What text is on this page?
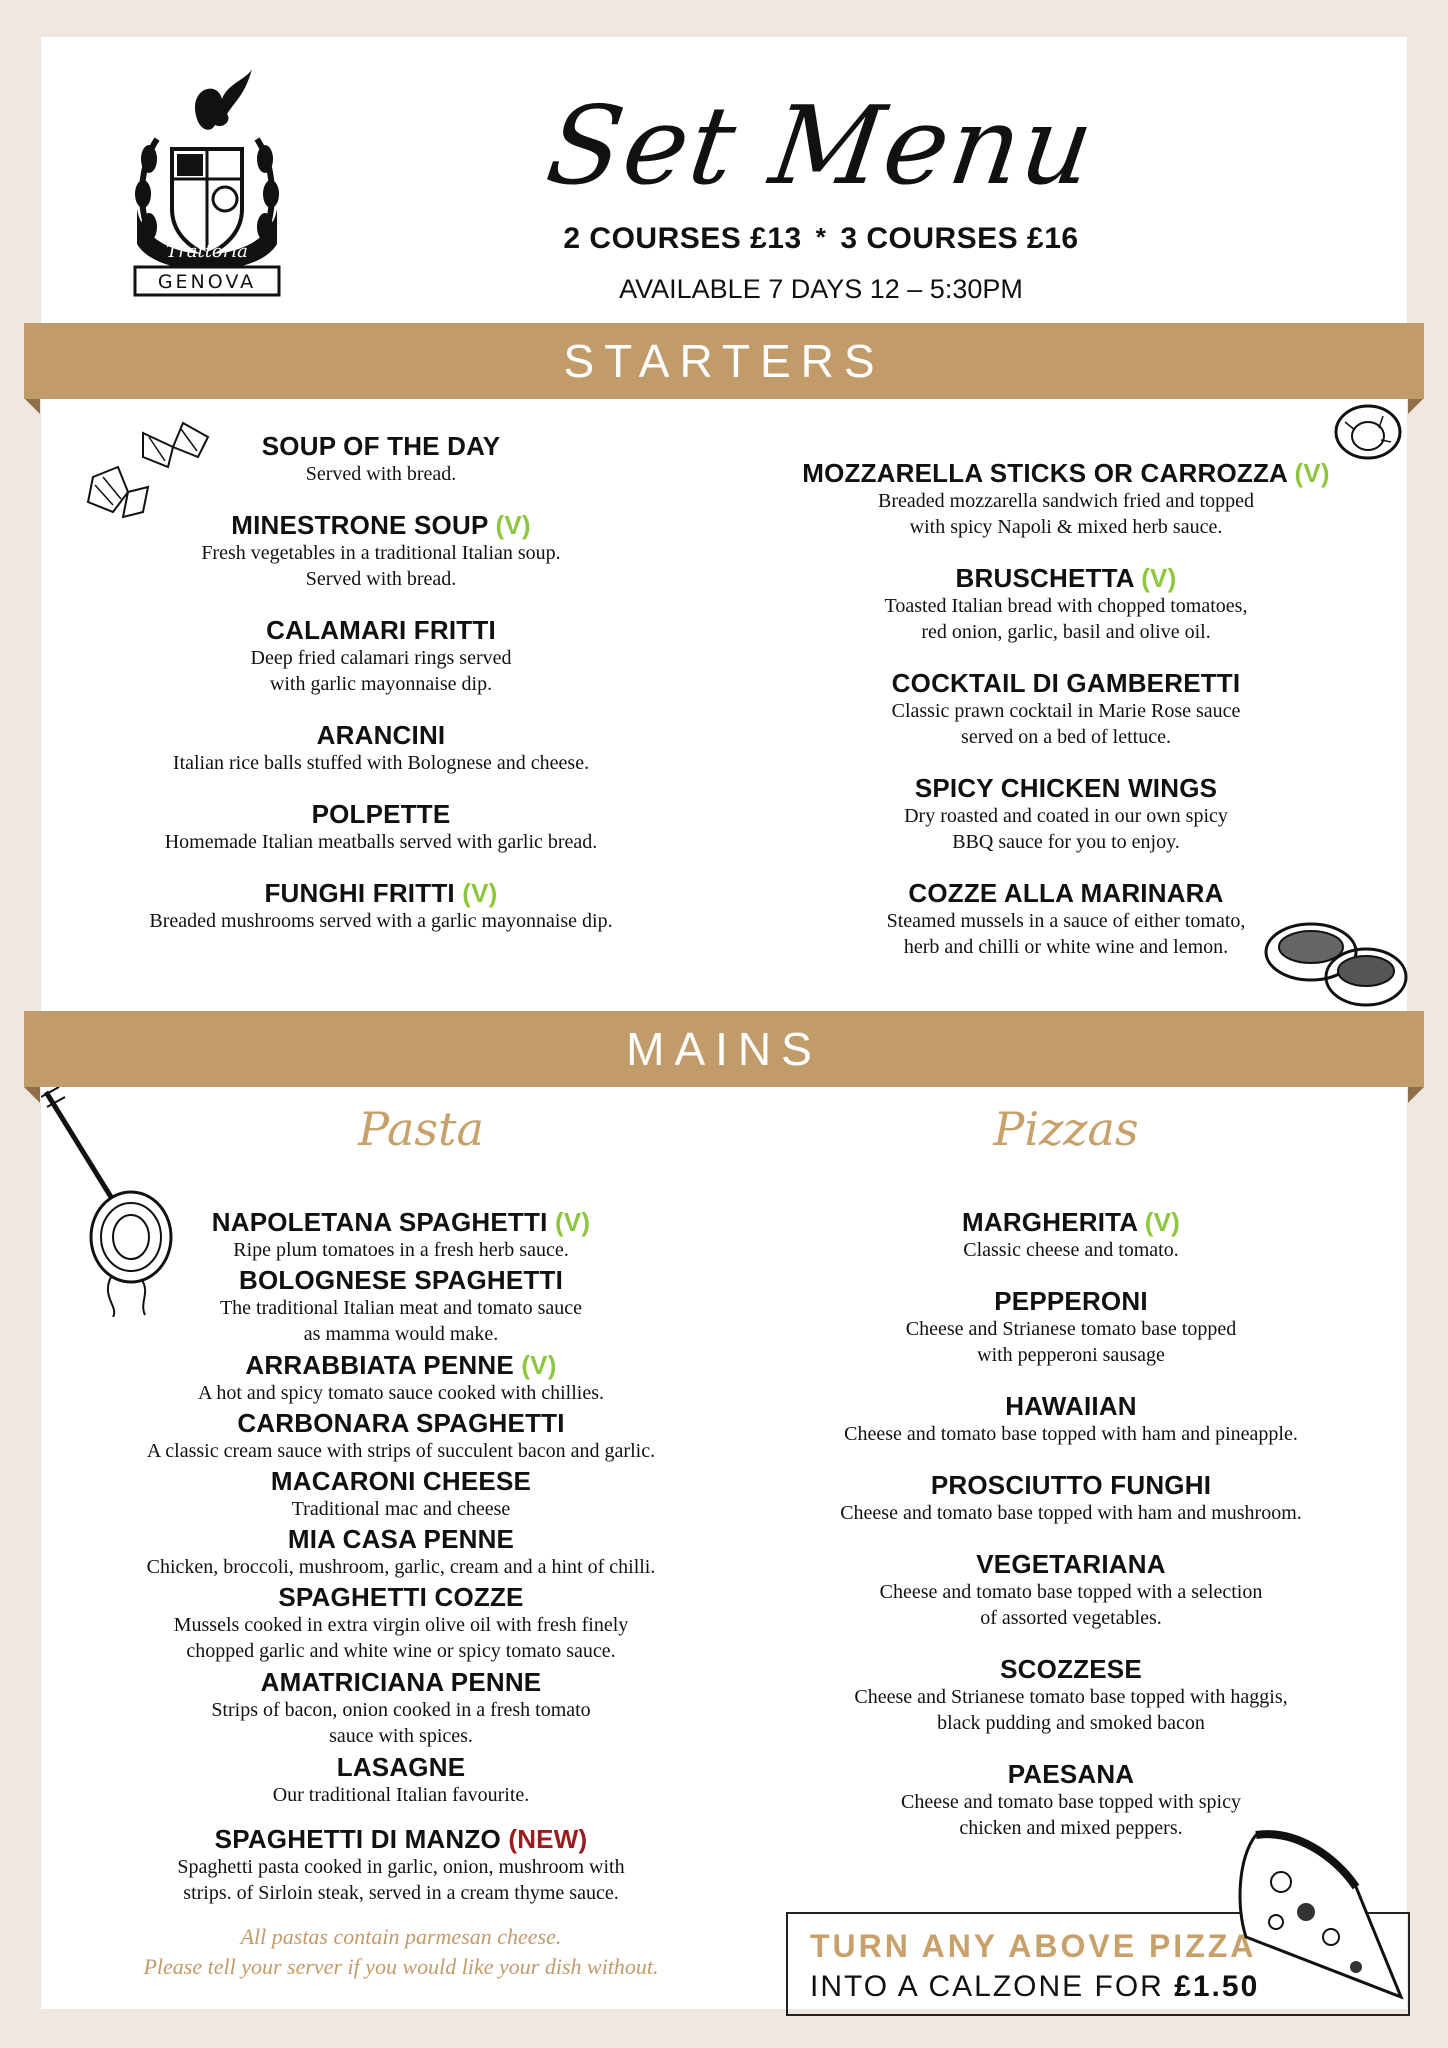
Trattoria
GENOVA
Set Menu
2 COURSES £13 * 3 COURSES £16
AVAILABLE 7 DAYS 12 – 5:30PM
STARTERS
SOUP OF THE DAY
Served with bread.
MINESTRONE SOUP (V)
Fresh vegetables in a traditional Italian soup.
Served with bread.
CALAMARI FRITTI
Deep fried calamari rings served
with garlic mayonnaise dip.
ARANCINI
Italian rice balls stuffed with Bolognese and cheese.
POLPETTE
Homemade Italian meatballs served with garlic bread.
FUNGHI FRITTI (V)
Breaded mushrooms served with a garlic mayonnaise dip.
MOZZARELLA STICKS OR CARROZZA (V)
Breaded mozzarella sandwich fried and topped
with spicy Napoli & mixed herb sauce.
BRUSCHETTA (V)
Toasted Italian bread with chopped tomatoes,
red onion, garlic, basil and olive oil.
COCKTAIL DI GAMBERETTI
Classic prawn cocktail in Marie Rose sauce
served on a bed of lettuce.
SPICY CHICKEN WINGS
Dry roasted and coated in our own spicy
BBQ sauce for you to enjoy.
COZZE ALLA MARINARA
Steamed mussels in a sauce of either tomato,
herb and chilli or white wine and lemon.
MAINS
Pasta	Pizzas
NAPOLETANA SPAGHETTI (V)
Ripe plum tomatoes in a fresh herb sauce.
BOLOGNESE SPAGHETTI
The traditional Italian meat and tomato sauce
as mamma would make.
ARRABBIATA PENNE (V)
A hot and spicy tomato sauce cooked with chillies.
CARBONARA SPAGHETTI
A classic cream sauce with strips of succulent bacon and garlic.
MACARONI CHEESE
Traditional mac and cheese
MIA CASA PENNE
Chicken, broccoli, mushroom, garlic, cream and a hint of chilli.
SPAGHETTI COZZE
Mussels cooked in extra virgin olive oil with fresh finely
chopped garlic and white wine or spicy tomato sauce.
AMATRICIANA PENNE
Strips of bacon, onion cooked in a fresh tomato
sauce with spices.
LASAGNE
Our traditional Italian favourite.
SPAGHETTI DI MANZO (NEW)
Spaghetti pasta cooked in garlic, onion, mushroom with
strips. of Sirloin steak, served in a cream thyme sauce.
All pastas contain parmesan cheese.
Please tell your server if you would like your dish without.
MARGHERITA (V)
Classic cheese and tomato.
PEPPERONI
Cheese and Strianese tomato base topped
with pepperoni sausage
HAWAIIAN
Cheese and tomato base topped with ham and pineapple.
PROSCIUTTO FUNGHI
Cheese and tomato base topped with ham and mushroom.
VEGETARIANA
Cheese and tomato base topped with a selection
of assorted vegetables.
SCOZZESE
Cheese and Strianese tomato base topped with haggis,
black pudding and smoked bacon
PAESANA
Cheese and tomato base topped with spicy
chicken and mixed peppers.
TURN ANY ABOVE PIZZA
INTO A CALZONE FOR £1.50
